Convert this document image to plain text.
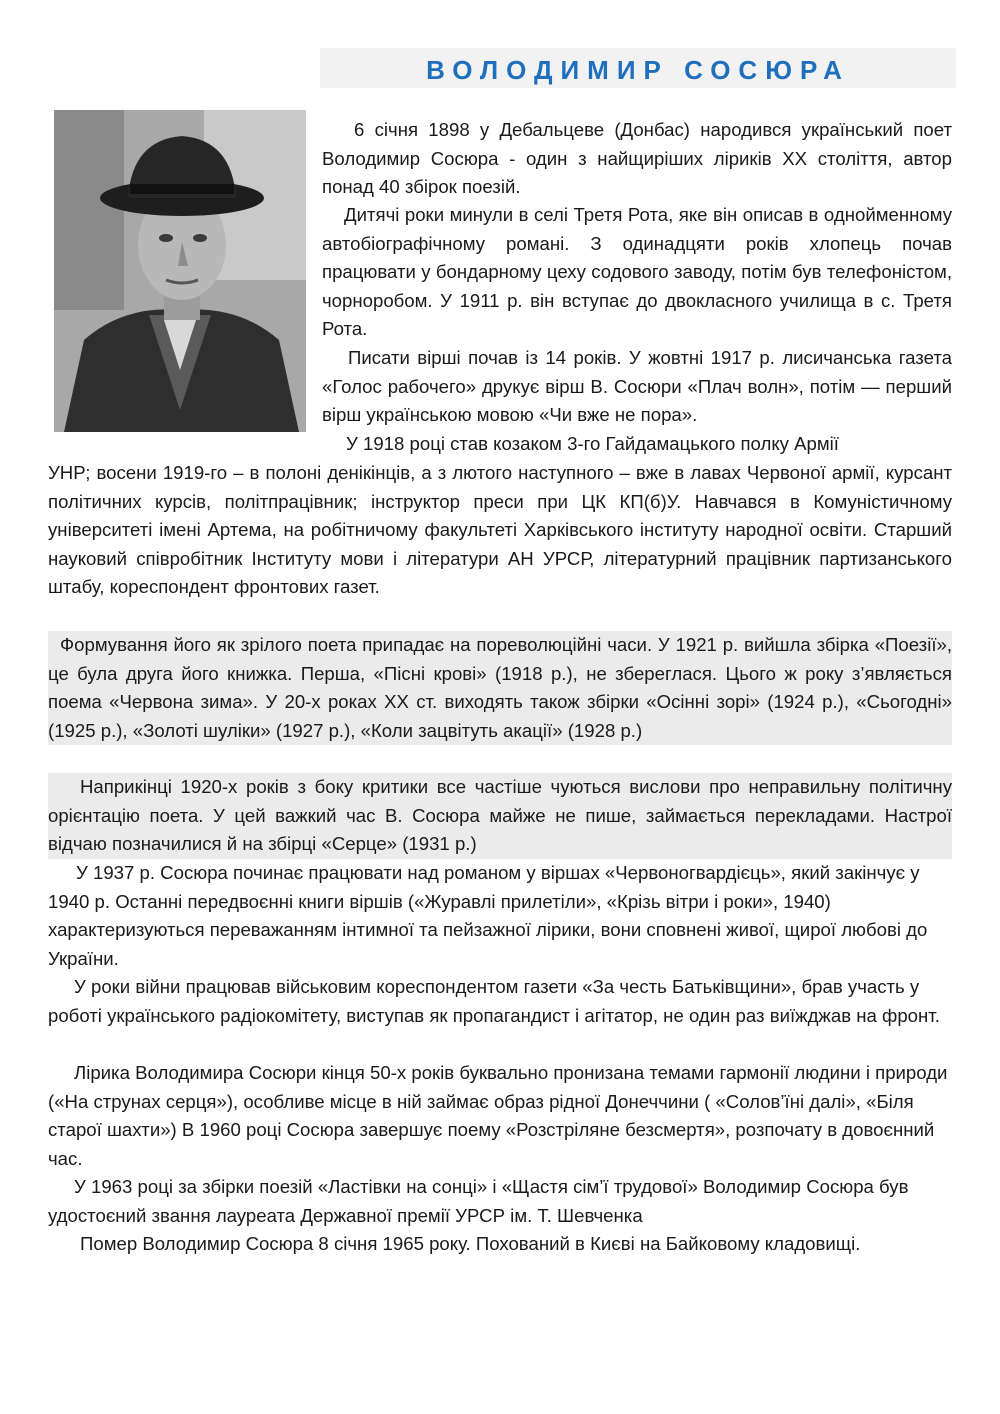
ВОЛОДИМИР СОСЮРА

6 січня 1898 у Дебальцеве (Донбас) народився український поет Володимир Сосюра - один з найщиріших ліриків ХХ століття, автор понад 40 збірок поезій.

Дитячі роки минули в селі Третя Рота, яке він описав в однойменному автобіографічному романі. З одинадцяти років хлопець почав працювати у бондарному цеху содового заводу, потім був телефоністом, чорноробом. У 1911 р. він вступає до двокласного училища в с. Третя Рота.

Писати вірші почав із 14 років. У жовтні 1917 р. лисичанська газета «Голос рабочего» друкує вірш В. Сосюри «Плач волн», потім — перший вірш українською мовою «Чи вже не пора».

У 1918 році став козаком 3-го Гайдамацького полку Армії

УНР; восени 1919-го – в полоні денікінців, а з лютого наступного – вже в лавах Червоної армії, курсант політичних курсів, політпрацівник; інструктор преси при ЦК КП(б)У. Навчався в Комуністичному університеті імені Артема, на робітничому факультеті Харківського інституту народної освіти. Старший науковий співробітник Інституту мови і літератури АН УРСР, літературний працівник партизанського штабу, кореспондент фронтових газет.

Формування його як зрілого поета припадає на пореволюційні часи. У 1921 р. вийшла збірка «Поезії», це була друга його книжка. Перша, «Пісні крові» (1918 р.), не збереглася. Цього ж року з’являється поема «Червона зима». У 20-х роках ХХ ст. виходять також збірки «Осінні зорі» (1924 р.), «Сьогодні» (1925 р.), «Золоті шуліки» (1927 р.), «Коли зацвітуть акації» (1928 р.)

Наприкінці 1920-х років з боку критики все частіше чуються вислови про неправильну політичну орієнтацію поета. У цей важкий час В. Сосюра майже не пише, займається перекладами. Настрої відчаю позначилися й на збірці «Серце» (1931 р.)

У 1937 р. Сосюра починає працювати над романом у віршах «Червоногвардієць», який закінчує у 1940 р. Останні передвоєнні книги віршів («Журавлі прилетіли», «Крізь вітри і роки», 1940) характеризуються переважанням інтимної та пейзажної лірики, вони сповнені живої, щирої любові до України.

У роки війни працював військовим кореспондентом газети «За честь Батьківщини», брав участь у роботі українського радіокомітету, виступав як пропагандист і агітатор, не один раз виїжджав на фронт.

Лірика Володимира Сосюри кінця 50-х років буквально пронизана темами гармонії людини і природи («На струнах серця»), особливе місце в ній займає образ рідної Донеччини ( «Солов’їні далі», «Біля старої шахти») В 1960 році Сосюра завершує поему «Розстріляне безсмертя», розпочату в довоєнний час.

У 1963 році за збірки поезій «Ластівки на сонці» і «Щастя сім’ї трудової» Володимир Сосюра був удостоєний звання лауреата Державної премії УРСР ім. Т. Шевченка

Помер Володимир Сосюра 8 січня 1965 року. Похований в Києві на Байковому кладовищі.
